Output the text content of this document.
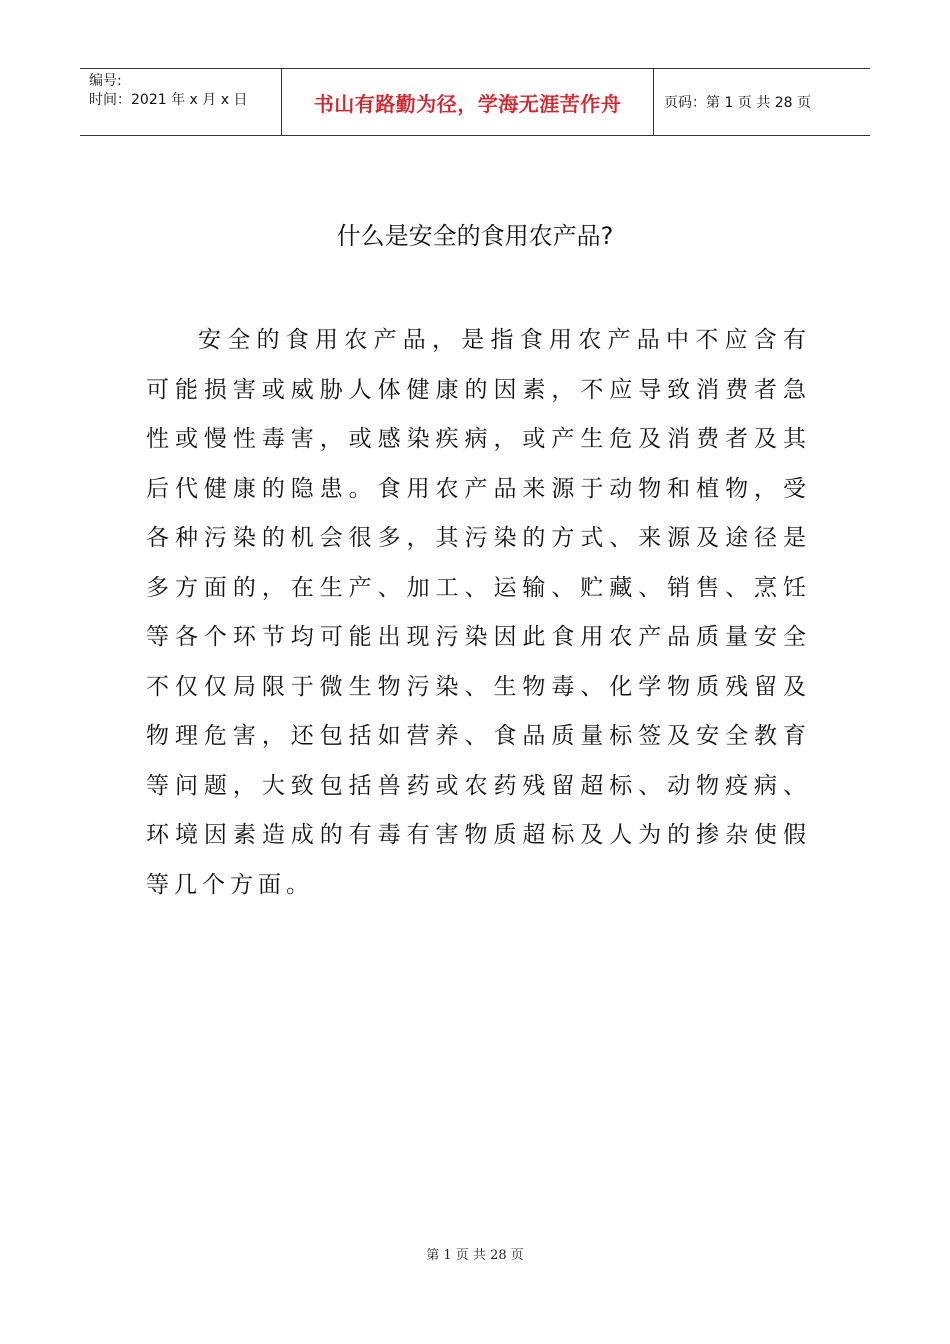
编号:
时间：2021 年 x 月 x 日	书山有路勤为径，学海无涯苦作舟	页码：第 1 页 共 28 页
什么是安全的食用农产品?

安全的食用农产品，是指食用农产品中不应含有可能损害或威胁人体健康的因素，不应导致消费者急性或慢性毒害，或感染疾病，或产生危及消费者及其后代健康的隐患。食用农产品来源于动物和植物，受各种污染的机会很多，其污染的方式、来源及途径是多方面的，在生产、加工、运输、贮藏、销售、烹饪等各个环节均可能出现污染因此食用农产品质量安全不仅仅局限于微生物污染、生物毒、化学物质残留及物理危害，还包括如营养、食品质量标签及安全教育等问题，大致包括兽药或农药残留超标、动物疫病、环境因素造成的有毒有害物质超标及人为的掺杂使假等几个方面。

第 1 页 共 28 页
